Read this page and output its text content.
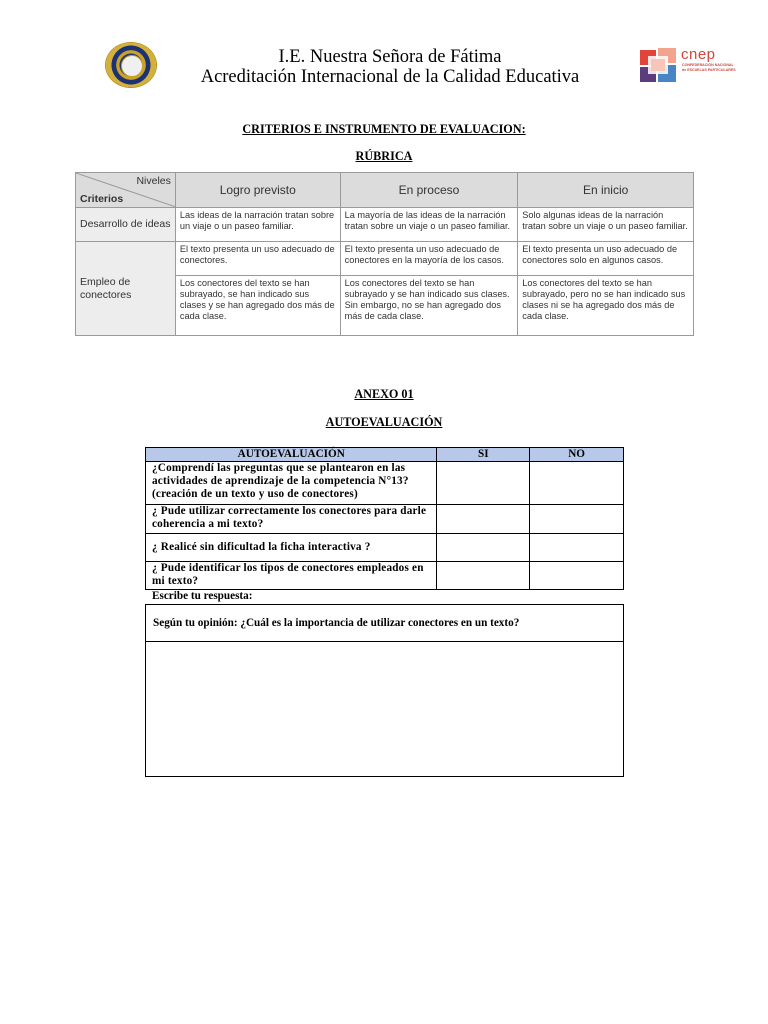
I.E. Nuestra Señora de Fátima
Acreditación Internacional de la Calidad Educativa
cnep
CONFEDERACIÓN NACIONAL de ESCUELAS PARTICULARES
CRITERIOS E INSTRUMENTO DE EVALUACION:
RÚBRICA
Niveles
Criterios	Logro previsto	En proceso	En inicio
Desarrollo de ideas	Las ideas de la narración tratan sobre un viaje o un paseo familiar.	La mayoría de las ideas de la narración tratan sobre un viaje o un paseo familiar.	Solo algunas ideas de la narración tratan sobre un viaje o un paseo familiar.
Empleo de conectores	El texto presenta un uso adecuado de conectores.	El texto presenta un uso adecuado de conectores en la mayoría de los casos.	El texto presenta un uso adecuado de conectores solo en algunos casos.
	Los conectores del texto se han subrayado, se han indicado sus clases y se han agregado dos más de cada clase.	Los conectores del texto se han subrayado y se han indicado sus clases. Sin embargo, no se han agregado dos más de cada clase.	Los conectores del texto se han subrayado, pero no se han indicado sus clases ni se ha agregado dos más de cada clase.
ANEXO 01
AUTOEVALUACIÓN
AUTOEVALUACIÓN	SI	NO
¿Comprendí las preguntas que se plantearon en las actividades de aprendizaje de la competencia N°13? (creación de un texto y uso de conectores)		
¿ Pude utilizar correctamente los conectores para darle coherencia a mi texto?		
¿ Realicé sin dificultad la ficha interactiva ?		
¿ Pude identificar los tipos de conectores empleados en mi texto?		
Escribe tu respuesta:
Según tu opinión: ¿Cuál es la importancia de utilizar conectores en un texto?
